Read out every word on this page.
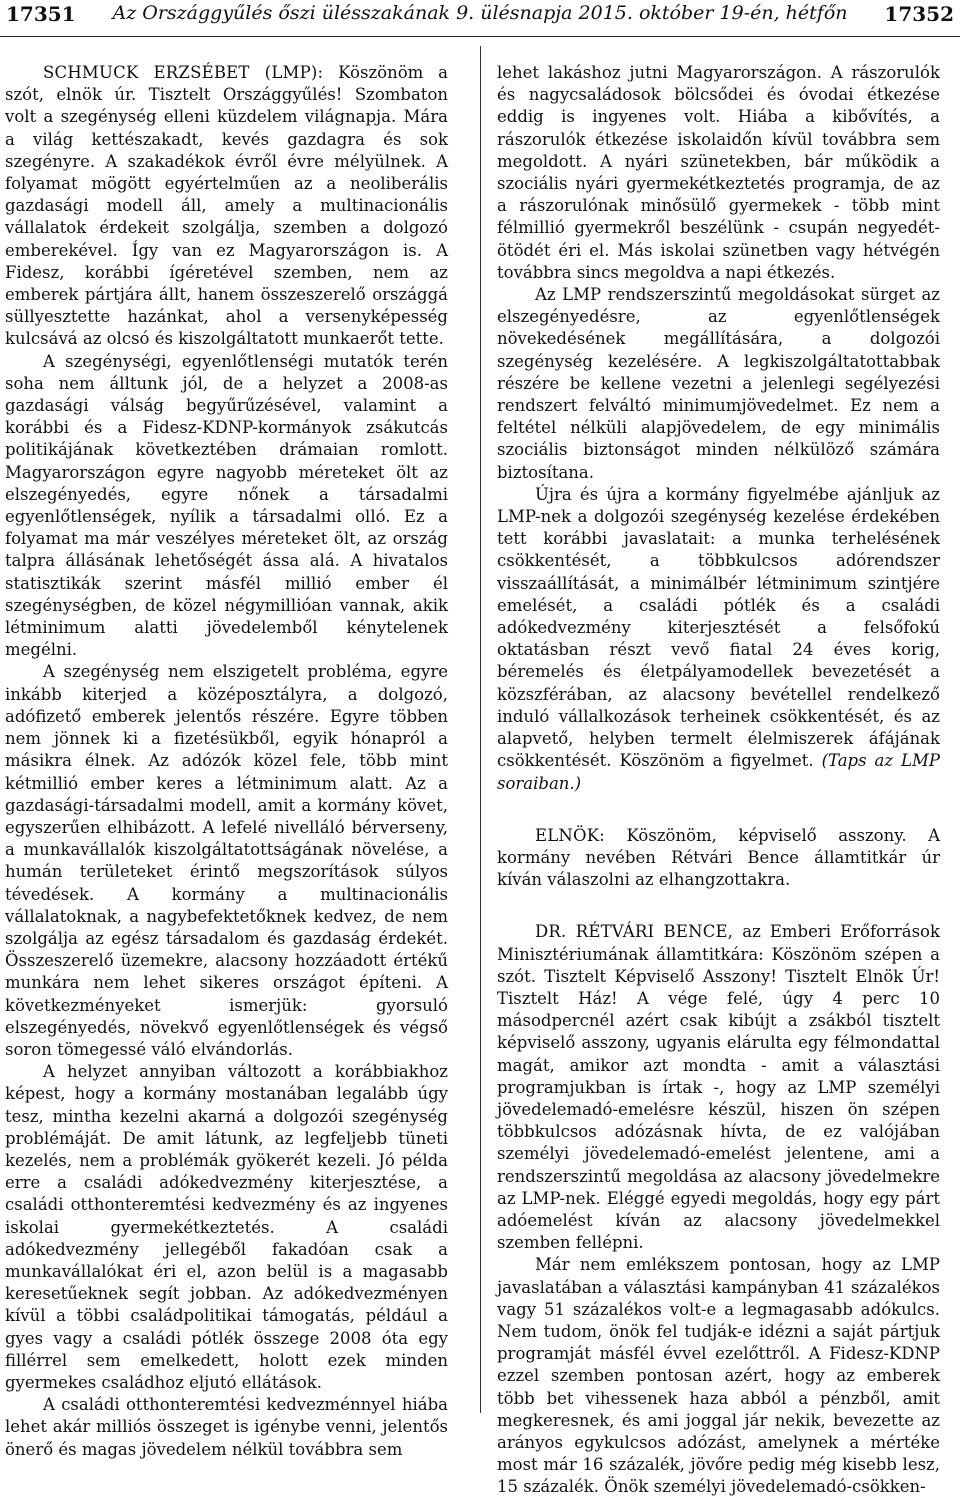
17351	Az Országgyűlés őszi ülésszakának 9. ülésnapja 2015. október 19-én, hétfőn	17352

SCHMUCK ERZSÉBET (LMP): Köszönöm a szót, elnök úr. Tisztelt Országgyűlés! Szombaton volt a szegénység elleni küzdelem világnapja. Mára a világ kettészakadt, kevés gazdagra és sok szegényre. A szakadékok évről évre mélyülnek. A folyamat mögött egyértelműen az a neoliberális gazdasági modell áll, amely a multinacionális vállalatok érdekeit szolgálja, szemben a dolgozó emberekével. Így van ez Magyarországon is. A Fidesz, korábbi ígéretével szemben, nem az emberek pártjára állt, hanem összeszerelő országgá süllyesztette hazánkat, ahol a versenyképesség kulcsává az olcsó és kiszolgáltatott munkaerőt tette.

A szegénységi, egyenlőtlenségi mutatók terén soha nem álltunk jól, de a helyzet a 2008-as gazdasági válság begyűrűzésével, valamint a korábbi és a Fidesz-KDNP-kormányok zsákutcás politikájának következtében drámaian romlott. Magyarországon egyre nagyobb méreteket ölt az elszegényedés, egyre nőnek a társadalmi egyenlőtlenségek, nyílik a társadalmi olló. Ez a folyamat ma már veszélyes méreteket ölt, az ország talpra állásának lehetőségét ássa alá. A hivatalos statisztikák szerint másfél millió ember él szegénységben, de közel négymillióan vannak, akik létminimum alatti jövedelemből kénytelenek megélni.

A szegénység nem elszigetelt probléma, egyre inkább kiterjed a középosztályra, a dolgozó, adófizető emberek jelentős részére. Egyre többen nem jönnek ki a fizetésükből, egyik hónapról a másikra élnek. Az adózók közel fele, több mint kétmillió ember keres a létminimum alatt. Az a gazdasági-társadalmi modell, amit a kormány követ, egyszerűen elhibázott. A lefelé nivelláló bérverseny, a munkavállalók kiszolgáltatottságának növelése, a humán területeket érintő megszorítások súlyos tévedések. A kormány a multinacionális vállalatoknak, a nagybefektetőknek kedvez, de nem szolgálja az egész társadalom és gazdaság érdekét. Összeszerelő üzemekre, alacsony hozzáadott értékű munkára nem lehet sikeres országot építeni. A következményeket ismerjük: gyorsuló elszegényedés, növekvő egyenlőtlenségek és végső soron tömegessé váló elvándorlás.

A helyzet annyiban változott a korábbiakhoz képest, hogy a kormány mostanában legalább úgy tesz, mintha kezelni akarná a dolgozói szegénység problémáját. De amit látunk, az legfeljebb tüneti kezelés, nem a problémák gyökerét kezeli. Jó példa erre a családi adókedvezmény kiterjesztése, a családi otthonteremtési kedvezmény és az ingyenes iskolai gyermekétkeztetés. A családi adókedvezmény jellegéből fakadóan csak a munkavállalókat éri el, azon belül is a magasabb keresetűeknek segít jobban. Az adókedvezményen kívül a többi családpolitikai támogatás, például a gyes vagy a családi pótlék összege 2008 óta egy fillérrel sem emelkedett, holott ezek minden gyermekes családhoz eljutó ellátások.

A családi otthonteremtési kedvezménnyel hiába lehet akár milliós összeget is igénybe venni, jelentős önerő és magas jövedelem nélkül továbbra sem

lehet lakáshoz jutni Magyarországon. A rászorulók és nagycsaládosok bölcsődei és óvodai étkezése eddig is ingyenes volt. Hiába a kibővítés, a rászorulók étkezése iskolaidőn kívül továbbra sem megoldott. A nyári szünetekben, bár működik a szociális nyári gyermekétkeztetés programja, de az a rászorulónak minősülő gyermekek - több mint félmillió gyermekről beszélünk - csupán negyedét-ötödét éri el. Más iskolai szünetben vagy hétvégén továbbra sincs megoldva a napi étkezés.

Az LMP rendszerszintű megoldásokat sürget az elszegényedésre, az egyenlőtlenségek növekedésének megállítására, a dolgozói szegénység kezelésére. A legkiszolgáltatottabbak részére be kellene vezetni a jelenlegi segélyezési rendszert felváltó minimumjövedelmet. Ez nem a feltétel nélküli alapjövedelem, de egy minimális szociális biztonságot minden nélkülöző számára biztosítana.

Újra és újra a kormány figyelmébe ajánljuk az LMP-nek a dolgozói szegénység kezelése érdekében tett korábbi javaslatait: a munka terhelésének csökkentését, a többkulcsos adórendszer visszaállítását, a minimálbér létminimum szintjére emelését, a családi pótlék és a családi adókedvezmény kiterjesztését a felsőfokú oktatásban részt vevő fiatal 24 éves korig, béremelés és életpályamodellek bevezetését a közszférában, az alacsony bevétellel rendelkező induló vállalkozások terheinek csökkentését, és az alapvető, helyben termelt élelmiszerek áfájának csökkentését. Köszönöm a figyelmet. (Taps az LMP soraiban.)

ELNÖK: Köszönöm, képviselő asszony. A kormány nevében Rétvári Bence államtitkár úr kíván válaszolni az elhangzottakra.

DR. RÉTVÁRI BENCE, az Emberi Erőforrások Minisztériumának államtitkára: Köszönöm szépen a szót. Tisztelt Képviselő Asszony! Tisztelt Elnök Úr! Tisztelt Ház! A vége felé, úgy 4 perc 10 másodpercnél azért csak kibújt a zsákból tisztelt képviselő asszony, ugyanis elárulta egy félmondattal magát, amikor azt mondta - amit a választási programjukban is írtak -, hogy az LMP személyi jövedelemadó-emelésre készül, hiszen ön szépen többkulcsos adózásnak hívta, de ez valójában személyi jövedelemadó-emelést jelentene, ami a rendszerszintű megoldása az alacsony jövedelmekre az LMP-nek. Eléggé egyedi megoldás, hogy egy párt adóemelést kíván az alacsony jövedelmekkel szemben fellépni.

Már nem emlékszem pontosan, hogy az LMP javaslatában a választási kampányban 41 százalékos vagy 51 százalékos volt-e a legmagasabb adókulcs. Nem tudom, önök fel tudják-e idézni a saját pártjuk programját másfél évvel ezelőttről. A Fidesz-KDNP ezzel szemben pontosan azért, hogy az emberek több bet vihessenek haza abból a pénzből, amit megkeresnek, és ami joggal jár nekik, bevezette az arányos egykulcsos adózást, amelynek a mértéke most már 16 százalék, jövőre pedig még kisebb lesz, 15 százalék. Önök személyi jövedelemadó-csökken-
